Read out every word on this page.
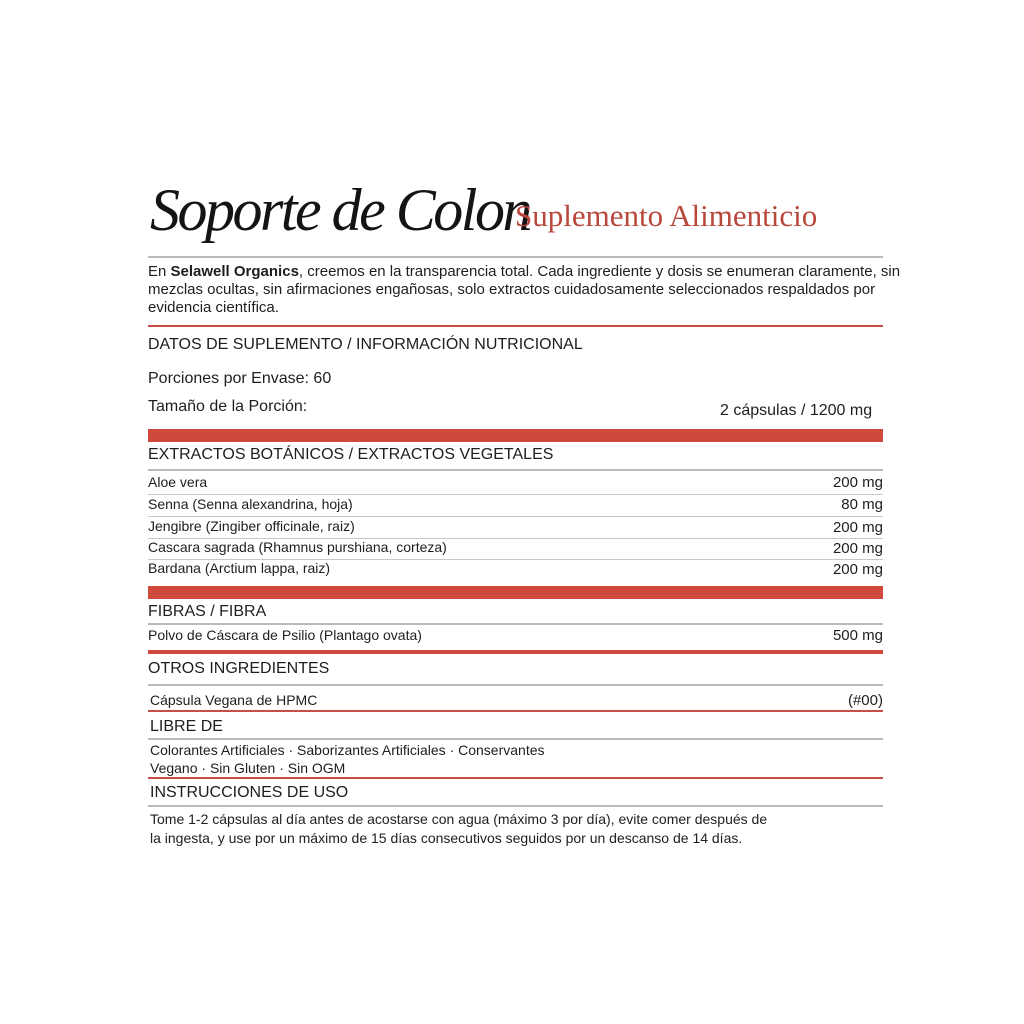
Soporte de Colon
Suplemento Alimenticio
En Selawell Organics, creemos en la transparencia total. Cada ingrediente y dosis se enumeran claramente, sin mezclas ocultas, sin afirmaciones engañosas, solo extractos cuidadosamente seleccionados respaldados por evidencia científica.
DATOS DE SUPLEMENTO / INFORMACIÓN NUTRICIONAL
Porciones por Envase: 60
Tamaño de la Porción:	2 cápsulas / 1200 mg
EXTRACTOS BOTÁNICOS / EXTRACTOS VEGETALES
Aloe vera	200 mg
Senna (Senna alexandrina, hoja)	80 mg
Jengibre (Zingiber officinale, raiz)	200 mg
Cascara sagrada (Rhamnus purshiana, corteza)	200 mg
Bardana (Arctium lappa, raiz)	200 mg
FIBRAS / FIBRA
Polvo de Cáscara de Psilio (Plantago ovata)	500 mg
OTROS INGREDIENTES
Cápsula Vegana de HPMC	(#00)
LIBRE DE
Colorantes Artificiales · Saborizantes Artificiales · Conservantes
Vegano · Sin Gluten · Sin OGM
INSTRUCCIONES DE USO
Tome 1-2 cápsulas al día antes de acostarse con agua (máximo 3 por día), evite comer después de
la ingesta, y use por un máximo de 15 días consecutivos seguidos por un descanso de 14 días.
